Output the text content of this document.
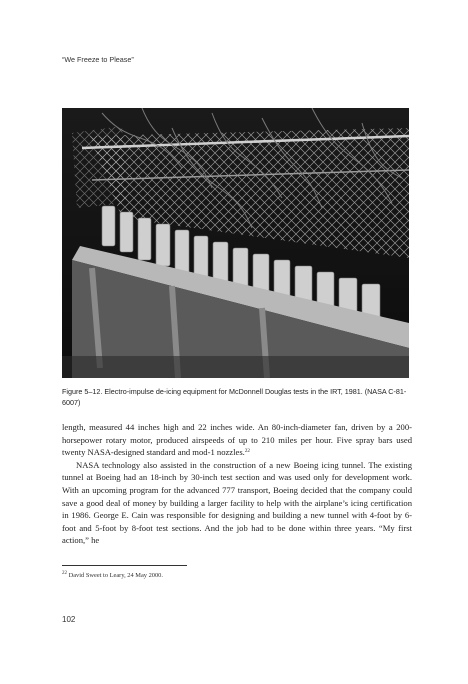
“We Freeze to Please”
Figure 5–12. Electro-impulse de-icing equipment for McDonnell Douglas tests in the IRT, 1981. (NASA C-81-6007)

length, measured 44 inches high and 22 inches wide. An 80-inch-diameter fan, driven by a 200-horsepower rotary motor, produced airspeeds of up to 210 miles per hour. Five spray bars used twenty NASA-designed standard and mod-1 nozzles.$^{22}$

NASA technology also assisted in the construction of a new Boeing icing tunnel. The existing tunnel at Boeing had an 18-inch by 30-inch test section and was used only for development work. With an upcoming program for the advanced 777 transport, Boeing decided that the company could save a good deal of money by building a larger facility to help with the airplane’s icing certification in 1986. George E. Cain was responsible for designing and building a new tunnel with 4-foot by 6-foot and 5-foot by 8-foot test sections. And the job had to be done within three years. “My first action,” he

$^{22}$ David Sweet to Leary, 24 May 2000.
102
